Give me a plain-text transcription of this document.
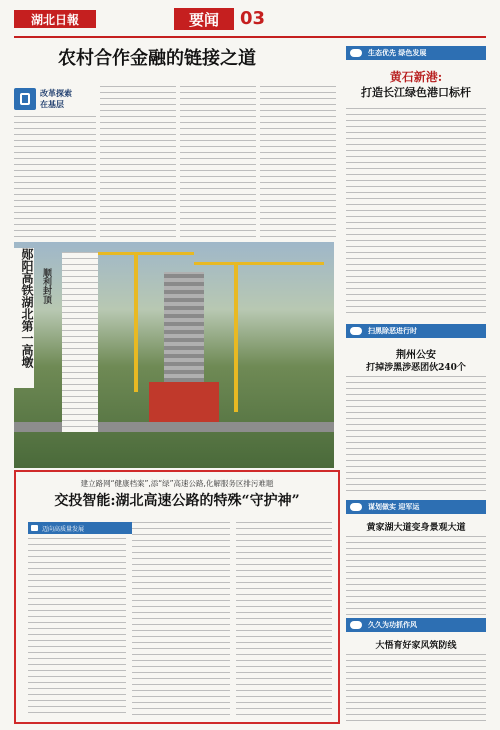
湖北日報	要闻	03
农村合作金融的链接之道
改革探索
在基层
郧阳高铁湖北第一高墩 顺利封顶
建立路网“健康档案”,添“绿”高速公路,化解服务区排污难题
交投智能:湖北高速公路的特殊“守护神”
迈向高质量发展
生态优先 绿色发展
黄石新港:
打造长江绿色港口标杆
扫黑除恶进行时
荆州公安
打掉涉黑涉恶团伙240个
谋划做实 迎军运
黄家湖大道变身景观大道
久久为功抓作风
大悟育好家风筑防线
